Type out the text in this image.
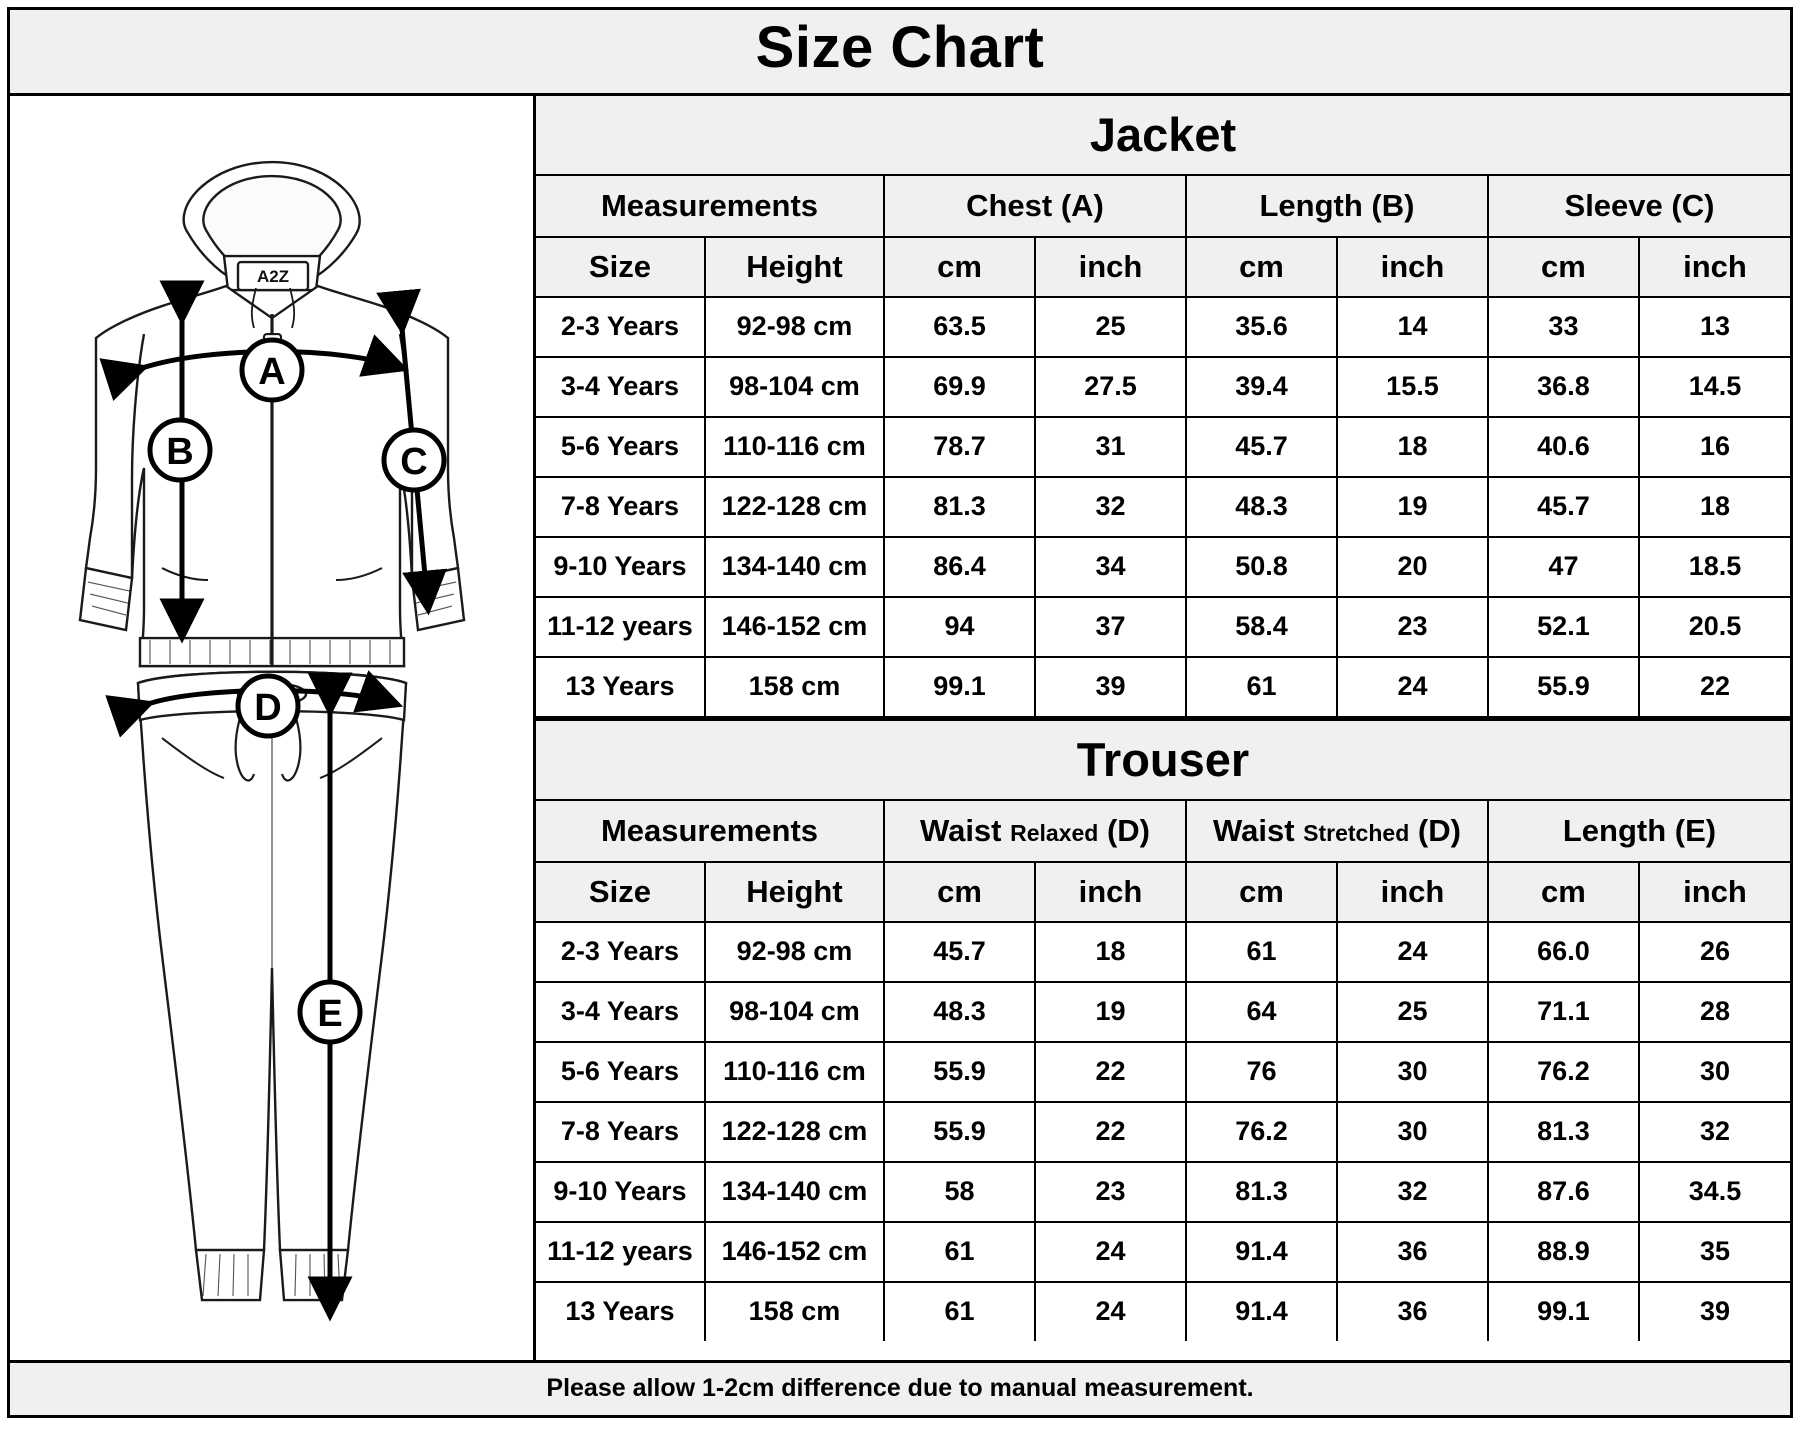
Size Chart
A2Z
A
B	C
D
E
Jacket							
Measurements		Chest (A)		Length (B)		Sleeve (C)	
Size	Height	cm	inch	cm	inch	cm	inch
2-3 Years	92-98 cm	63.5	25	35.6	14	33	13
3-4 Years	98-104 cm	69.9	27.5	39.4	15.5	36.8	14.5
5-6 Years	110-116 cm	78.7	31	45.7	18	40.6	16
7-8 Years	122-128 cm	81.3	32	48.3	19	45.7	18
9-10 Years	134-140 cm	86.4	34	50.8	20	47	18.5
11-12 years	146-152 cm	94	37	58.4	23	52.1	20.5
13 Years	158 cm	99.1	39	61	24	55.9	22
Trouser							
Measurements		Waist Relaxed (D)		Waist Stretched (D)		Length (E)	
Size	Height	cm	inch	cm	inch	cm	inch
2-3 Years	92-98 cm	45.7	18	61	24	66.0	26
3-4 Years	98-104 cm	48.3	19	64	25	71.1	28
5-6 Years	110-116 cm	55.9	22	76	30	76.2	30
7-8 Years	122-128 cm	55.9	22	76.2	30	81.3	32
9-10 Years	134-140 cm	58	23	81.3	32	87.6	34.5
11-12 years	146-152 cm	61	24	91.4	36	88.9	35
13 Years	158 cm	61	24	91.4	36	99.1	39
Please allow 1-2cm difference due to manual measurement.
